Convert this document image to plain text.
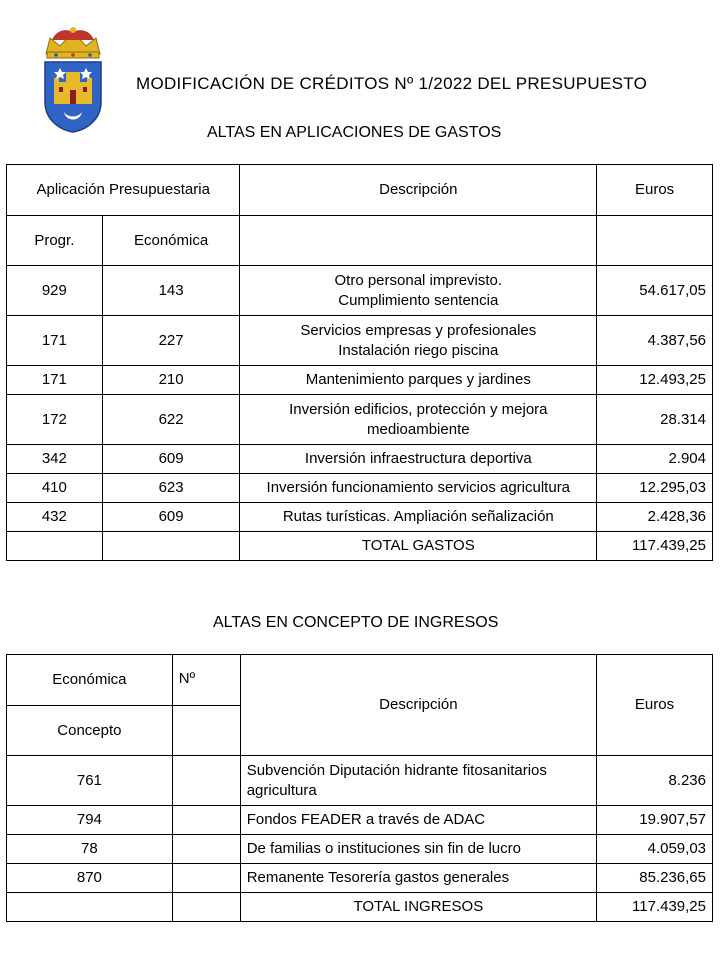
MODIFICACIÓN DE CRÉDITOS Nº 1/2022 DEL PRESUPUESTO
ALTAS EN APLICACIONES DE GASTOS
Aplicación Presupuestaria		Descripción	Euros
Progr.	Económica		
929	143	Otro personal imprevisto.
Cumplimiento sentencia	54.617,05
171	227	Servicios empresas y profesionales
Instalación riego piscina	4.387,56
171	210	Mantenimiento parques y jardines	12.493,25
172	622	Inversión edificios, protección y mejora
medioambiente	28.314
342	609	Inversión infraestructura deportiva	2.904
410	623	Inversión funcionamiento servicios agricultura	12.295,03
432	609	Rutas turísticas. Ampliación señalización	2.428,36
		TOTAL GASTOS	117.439,25
ALTAS EN CONCEPTO DE INGRESOS
Económica	Nº	Descripción	Euros
Concepto			
761		Subvención Diputación hidrante fitosanitarios
agricultura	8.236
794		Fondos FEADER a través de ADAC	19.907,57
78		De familias o instituciones sin fin de lucro	4.059,03
870		Remanente Tesorería gastos generales	85.236,65
		TOTAL INGRESOS	117.439,25
